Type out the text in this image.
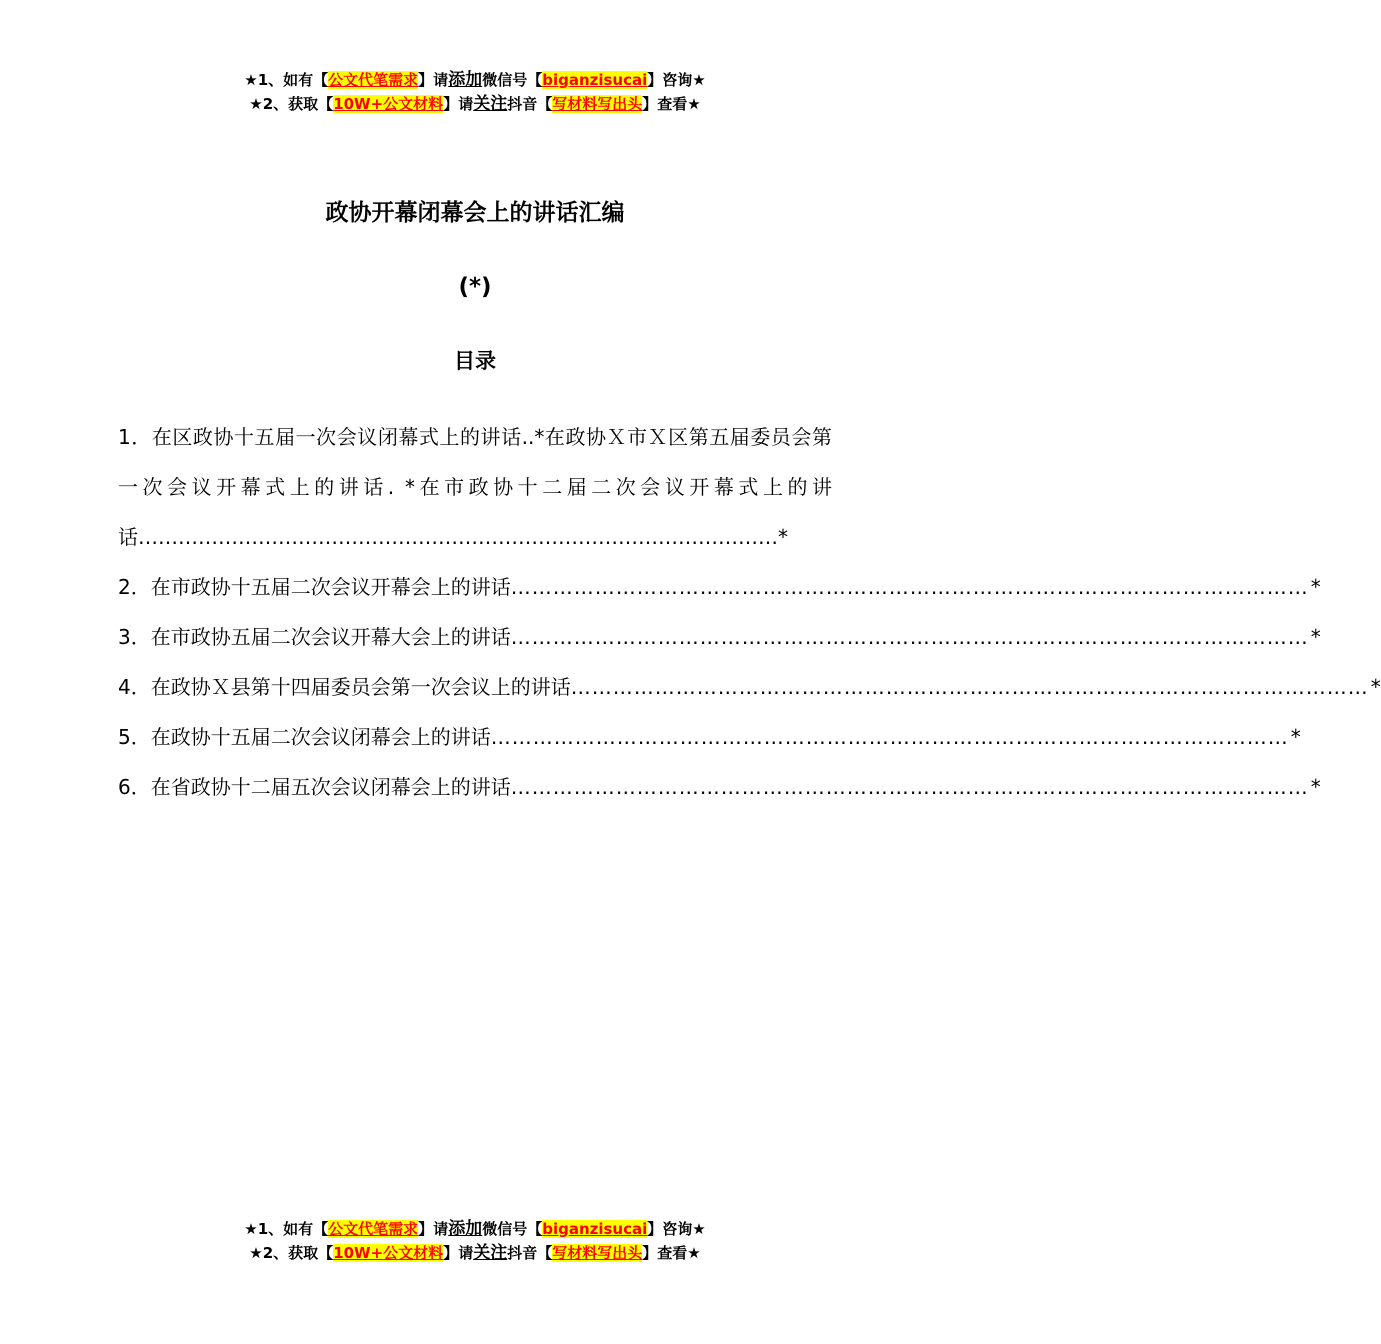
★1、如有【公文代笔需求】请添加微信号【biganzisucai】咨询★
★2、获取【10W+公文材料】请关注抖音【写材料写出头】查看★
政协开幕闭幕会上的讲话汇编
(*)
目录
1．在区政协十五届一次会议闭幕式上的讲话..*在政协Ｘ市Ｘ区第五届委员会第一次会议开幕式上的讲话. *在市政协十二届二次会议开幕式上的讲话……………………………………………………………………………………*
2． 在市政协十五届二次会议开幕会上的讲话 …………………………………………………………………………………………………… *
3． 在市政协五届二次会议开幕大会上的讲话 …………………………………………………………………………………………………… *
4． 在政协Ｘ县第十四届委员会第一次会议上的讲话 …………………………………………………………………………………………………… *
5． 在政协十五届二次会议闭幕会上的讲话 …………………………………………………………………………………………………… *
6． 在省政协十二届五次会议闭幕会上的讲话 …………………………………………………………………………………………………… *
★1、如有【公文代笔需求】请添加微信号【biganzisucai】咨询★
★2、获取【10W+公文材料】请关注抖音【写材料写出头】查看★
